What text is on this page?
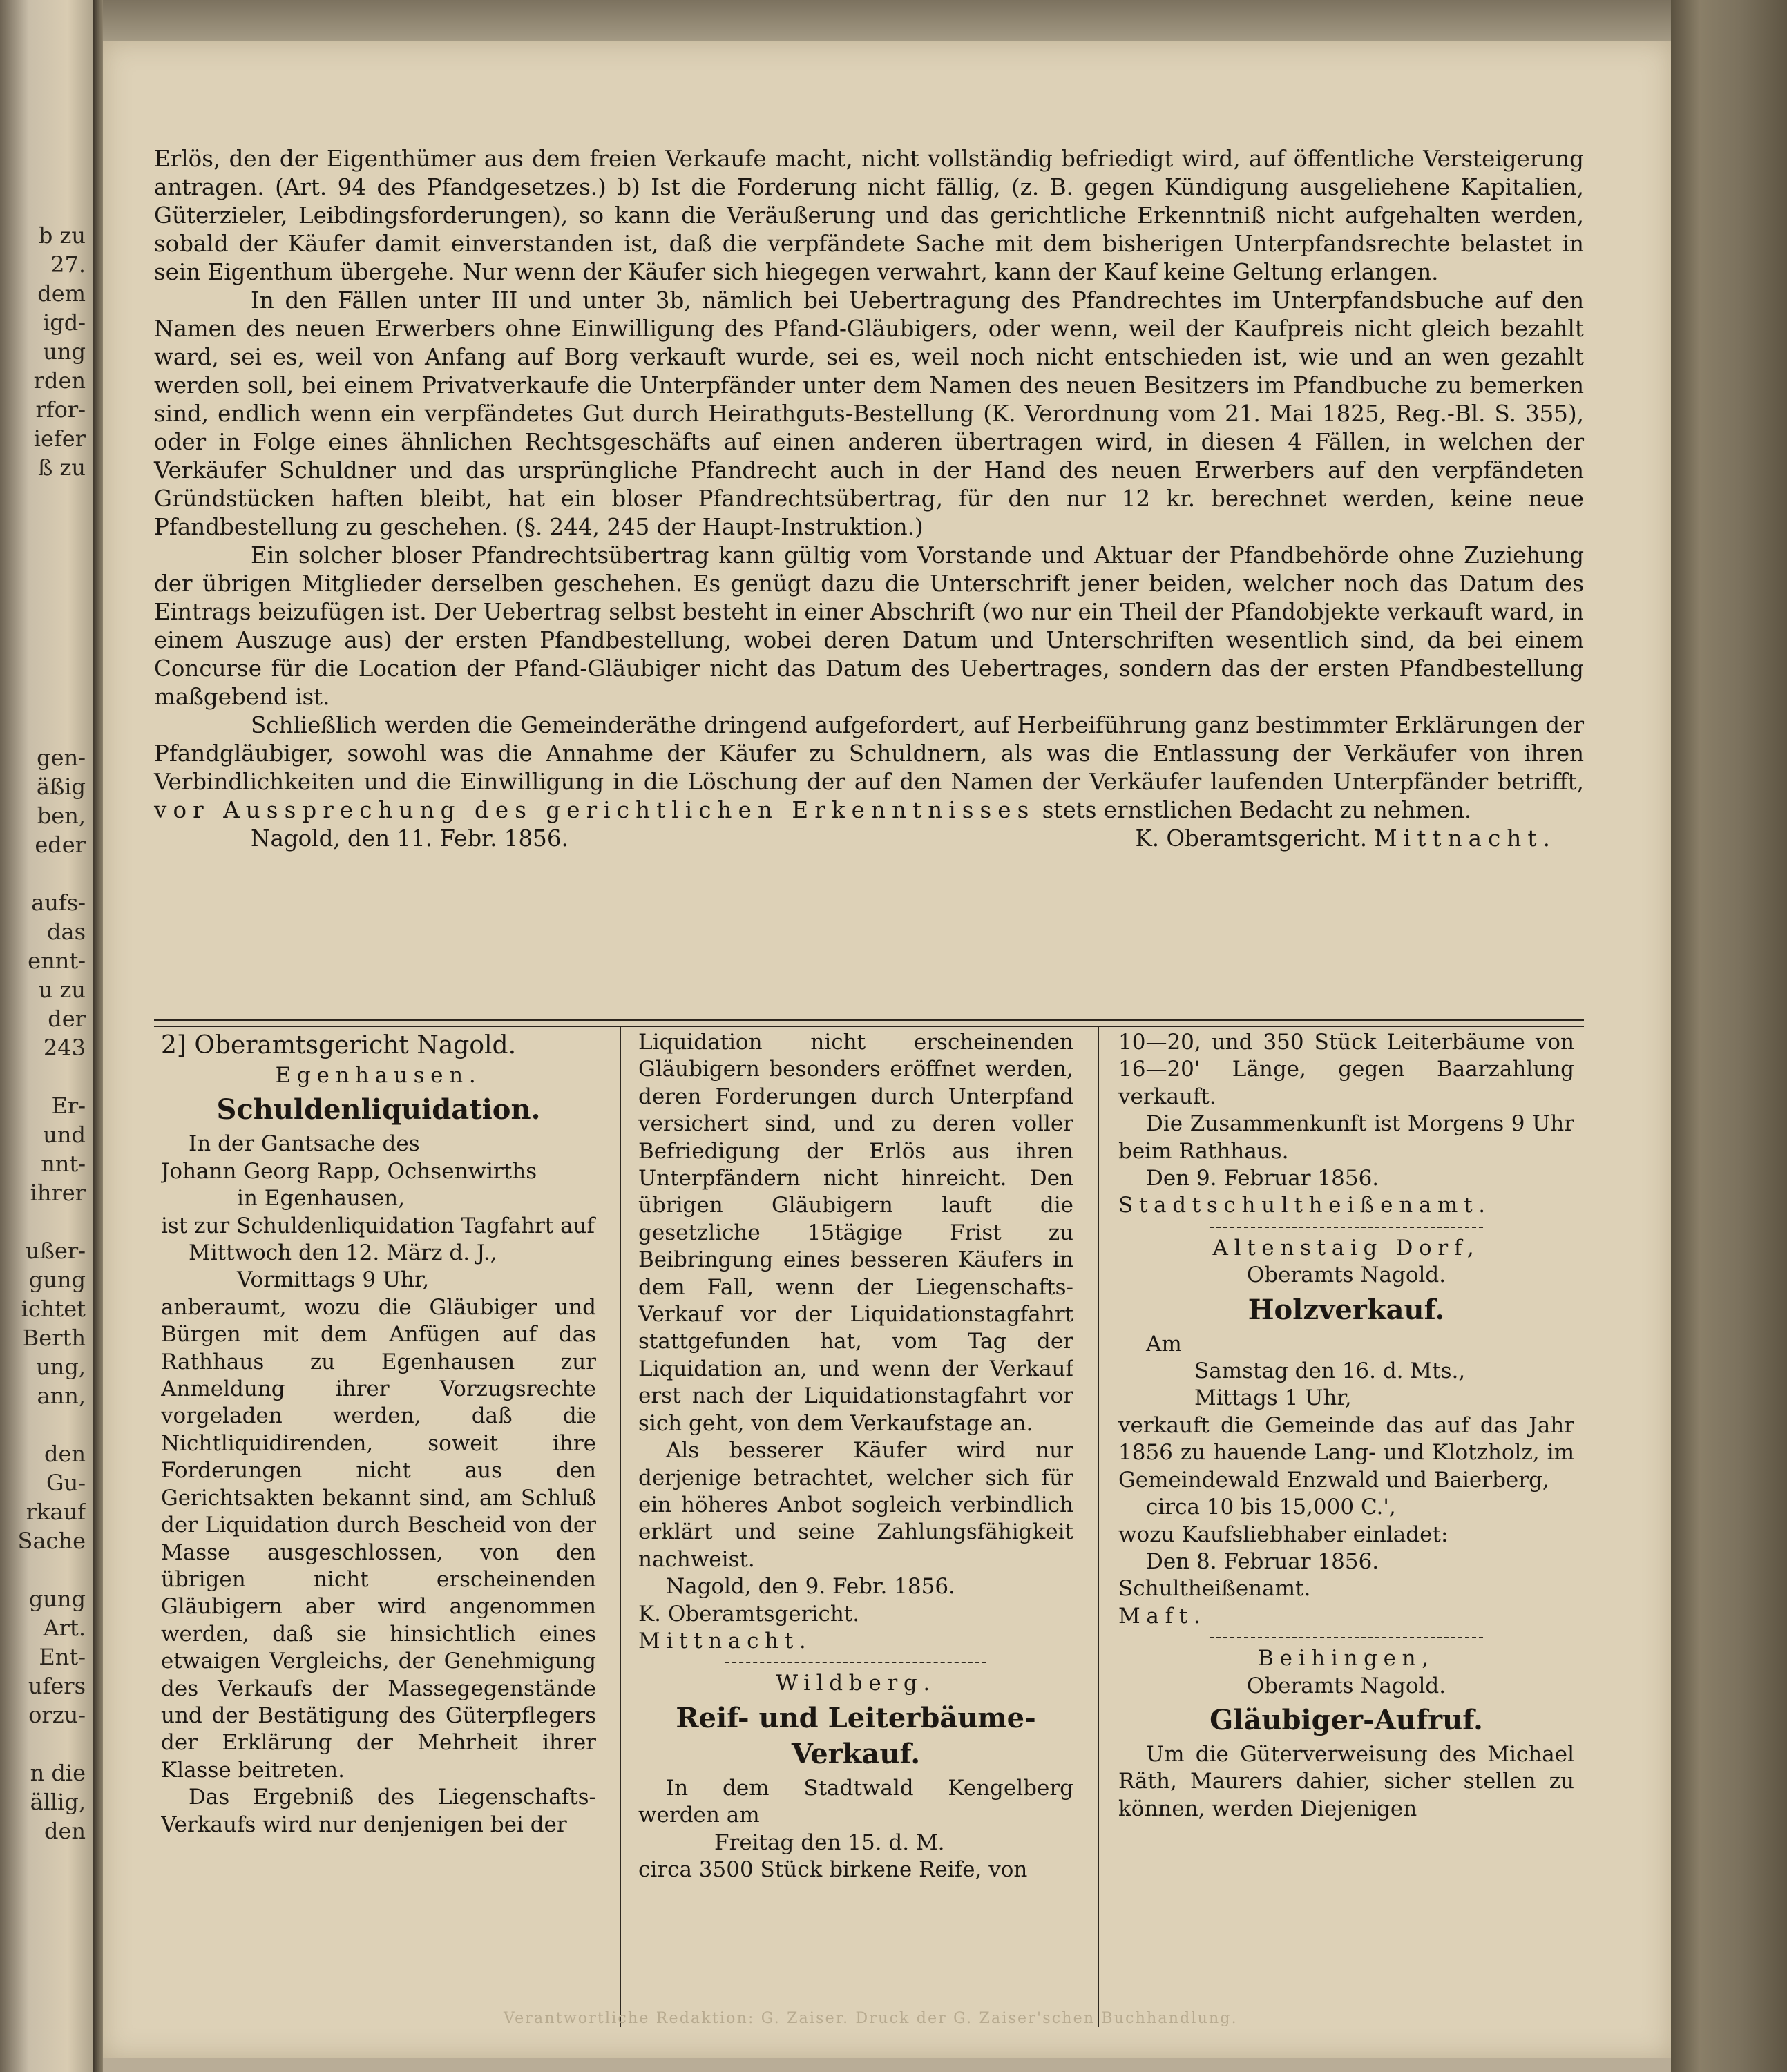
b zu
27.
dem
igd-
ung
rden
rfor-
iefer
ß zu

gen-
äßig
ben,
eder

aufs-
das
ennt-
u zu
der
243

Er-
und
nnt-
ihrer

ußer-
gung
ichtet
Berth
ung,
ann,

den
Gu-
rkauf
Sache

gung
Art.
Ent-
ufers
orzu-

n die
ällig,
den

Erlös, den der Eigenthümer aus dem freien Verkaufe macht, nicht vollständig befriedigt wird, auf öffentliche Versteigerung antragen. (Art. 94 des Pfandgesetzes.) b) Ist die Forderung nicht fällig, (z. B. gegen Kündigung ausgeliehene Kapitalien, Güterzieler, Leibdingsforderungen), so kann die Veräußerung und das gerichtliche Erkenntniß nicht aufgehalten werden, sobald der Käufer damit einverstanden ist, daß die verpfändete Sache mit dem bisherigen Unterpfandsrechte belastet in sein Eigenthum übergehe. Nur wenn der Käufer sich hiegegen verwahrt, kann der Kauf keine Geltung erlangen.

In den Fällen unter III und unter 3b, nämlich bei Uebertragung des Pfandrechtes im Unterpfandsbuche auf den Namen des neuen Erwerbers ohne Einwilligung des Pfand-Gläubigers, oder wenn, weil der Kaufpreis nicht gleich bezahlt ward, sei es, weil von Anfang auf Borg verkauft wurde, sei es, weil noch nicht entschieden ist, wie und an wen gezahlt werden soll, bei einem Privatverkaufe die Unterpfänder unter dem Namen des neuen Besitzers im Pfandbuche zu bemerken sind, endlich wenn ein verpfändetes Gut durch Heirathguts-Bestellung (K. Verordnung vom 21. Mai 1825, Reg.-Bl. S. 355), oder in Folge eines ähnlichen Rechtsgeschäfts auf einen anderen übertragen wird, in diesen 4 Fällen, in welchen der Verkäufer Schuldner und das ursprüngliche Pfandrecht auch in der Hand des neuen Erwerbers auf den verpfändeten Gründstücken haften bleibt, hat ein bloser Pfandrechtsübertrag, für den nur 12 kr. berechnet werden, keine neue Pfandbestellung zu geschehen. (§. 244, 245 der Haupt-Instruktion.)

Ein solcher bloser Pfandrechtsübertrag kann gültig vom Vorstande und Aktuar der Pfandbehörde ohne Zuziehung der übrigen Mitglieder derselben geschehen. Es genügt dazu die Unterschrift jener beiden, welcher noch das Datum des Eintrags beizufügen ist. Der Uebertrag selbst besteht in einer Abschrift (wo nur ein Theil der Pfandobjekte verkauft ward, in einem Auszuge aus) der ersten Pfandbestellung, wobei deren Datum und Unterschriften wesentlich sind, da bei einem Concurse für die Location der Pfand-Gläubiger nicht das Datum des Uebertrages, sondern das der ersten Pfandbestellung maßgebend ist.

Schließlich werden die Gemeinderäthe dringend aufgefordert, auf Herbeiführung ganz bestimmter Erklärungen der Pfandgläubiger, sowohl was die Annahme der Käufer zu Schuldnern, als was die Entlassung der Verkäufer von ihren Verbindlichkeiten und die Einwilligung in die Löschung der auf den Namen der Verkäufer laufenden Unterpfänder betrifft, vor Aussprechung des gerichtlichen Erkenntnisses stets ernstlichen Bedacht zu nehmen.

Nagold, den 11. Febr. 1856.	K. Oberamtsgericht. Mittnacht.
2] Oberamtsgericht Nagold.
Egenhausen.
Schuldenliquidation.

In der Gantsache des

Johann Georg Rapp, Ochsenwirths

in Egenhausen,

ist zur Schuldenliquidation Tagfahrt auf

Mittwoch den 12. März d. J.,

Vormittags 9 Uhr,

anberaumt, wozu die Gläubiger und Bürgen mit dem Anfügen auf das Rathhaus zu Egenhausen zur Anmeldung ihrer Vorzugsrechte vorgeladen werden, daß die Nichtliquidirenden, soweit ihre Forderungen nicht aus den Gerichtsakten bekannt sind, am Schluß der Liquidation durch Bescheid von der Masse ausgeschlossen, von den übrigen nicht erscheinenden Gläubigern aber wird angenommen werden, daß sie hinsichtlich eines etwaigen Vergleichs, der Genehmigung des Verkaufs der Massegegenstände und der Bestätigung des Güterpflegers der Erklärung der Mehrheit ihrer Klasse beitreten.

Das Ergebniß des Liegenschafts-Verkaufs wird nur denjenigen bei der

Liquidation nicht erscheinenden Gläubigern besonders eröffnet werden, deren Forderungen durch Unterpfand versichert sind, und zu deren voller Befriedigung der Erlös aus ihren Unterpfändern nicht hinreicht. Den übrigen Gläubigern lauft die gesetzliche 15tägige Frist zu Beibringung eines besseren Käufers in dem Fall, wenn der Liegenschafts-Verkauf vor der Liquidationstagfahrt stattgefunden hat, vom Tag der Liquidation an, und wenn der Verkauf erst nach der Liquidationstagfahrt vor sich geht, von dem Verkaufstage an.

Als besserer Käufer wird nur derjenige betrachtet, welcher sich für ein höheres Anbot sogleich verbindlich erklärt und seine Zahlungsfähigkeit nachweist.

Nagold, den 9. Febr. 1856.

K. Oberamtsgericht.

Mittnacht.

Wildberg.
Reif- und Leiterbäume-Verkauf.

In dem Stadtwald Kengelberg werden am

Freitag den 15. d. M.

circa 3500 Stück birkene Reife, von

10—20, und 350 Stück Leiterbäume von 16—20' Länge, gegen Baarzahlung verkauft.

Die Zusammenkunft ist Morgens 9 Uhr beim Rathhaus.

Den 9. Februar 1856.

Stadtschultheißenamt.

Altenstaig Dorf,
Oberamts Nagold.
Holzverkauf.

Am

Samstag den 16. d. Mts.,

Mittags 1 Uhr,

verkauft die Gemeinde das auf das Jahr 1856 zu hauende Lang- und Klotzholz, im Gemeindewald Enzwald und Baierberg,

circa 10 bis 15,000 C.',

wozu Kaufsliebhaber einladet:

Den 8. Februar 1856.

Schultheißenamt.

Maft.

Beihingen,
Oberamts Nagold.
Gläubiger-Aufruf.

Um die Güterverweisung des Michael Räth, Maurers dahier, sicher stellen zu können, werden Diejenigen

Verantwortliche Redaktion: G. Zaiser. Druck der G. Zaiser'schen Buchhandlung.
